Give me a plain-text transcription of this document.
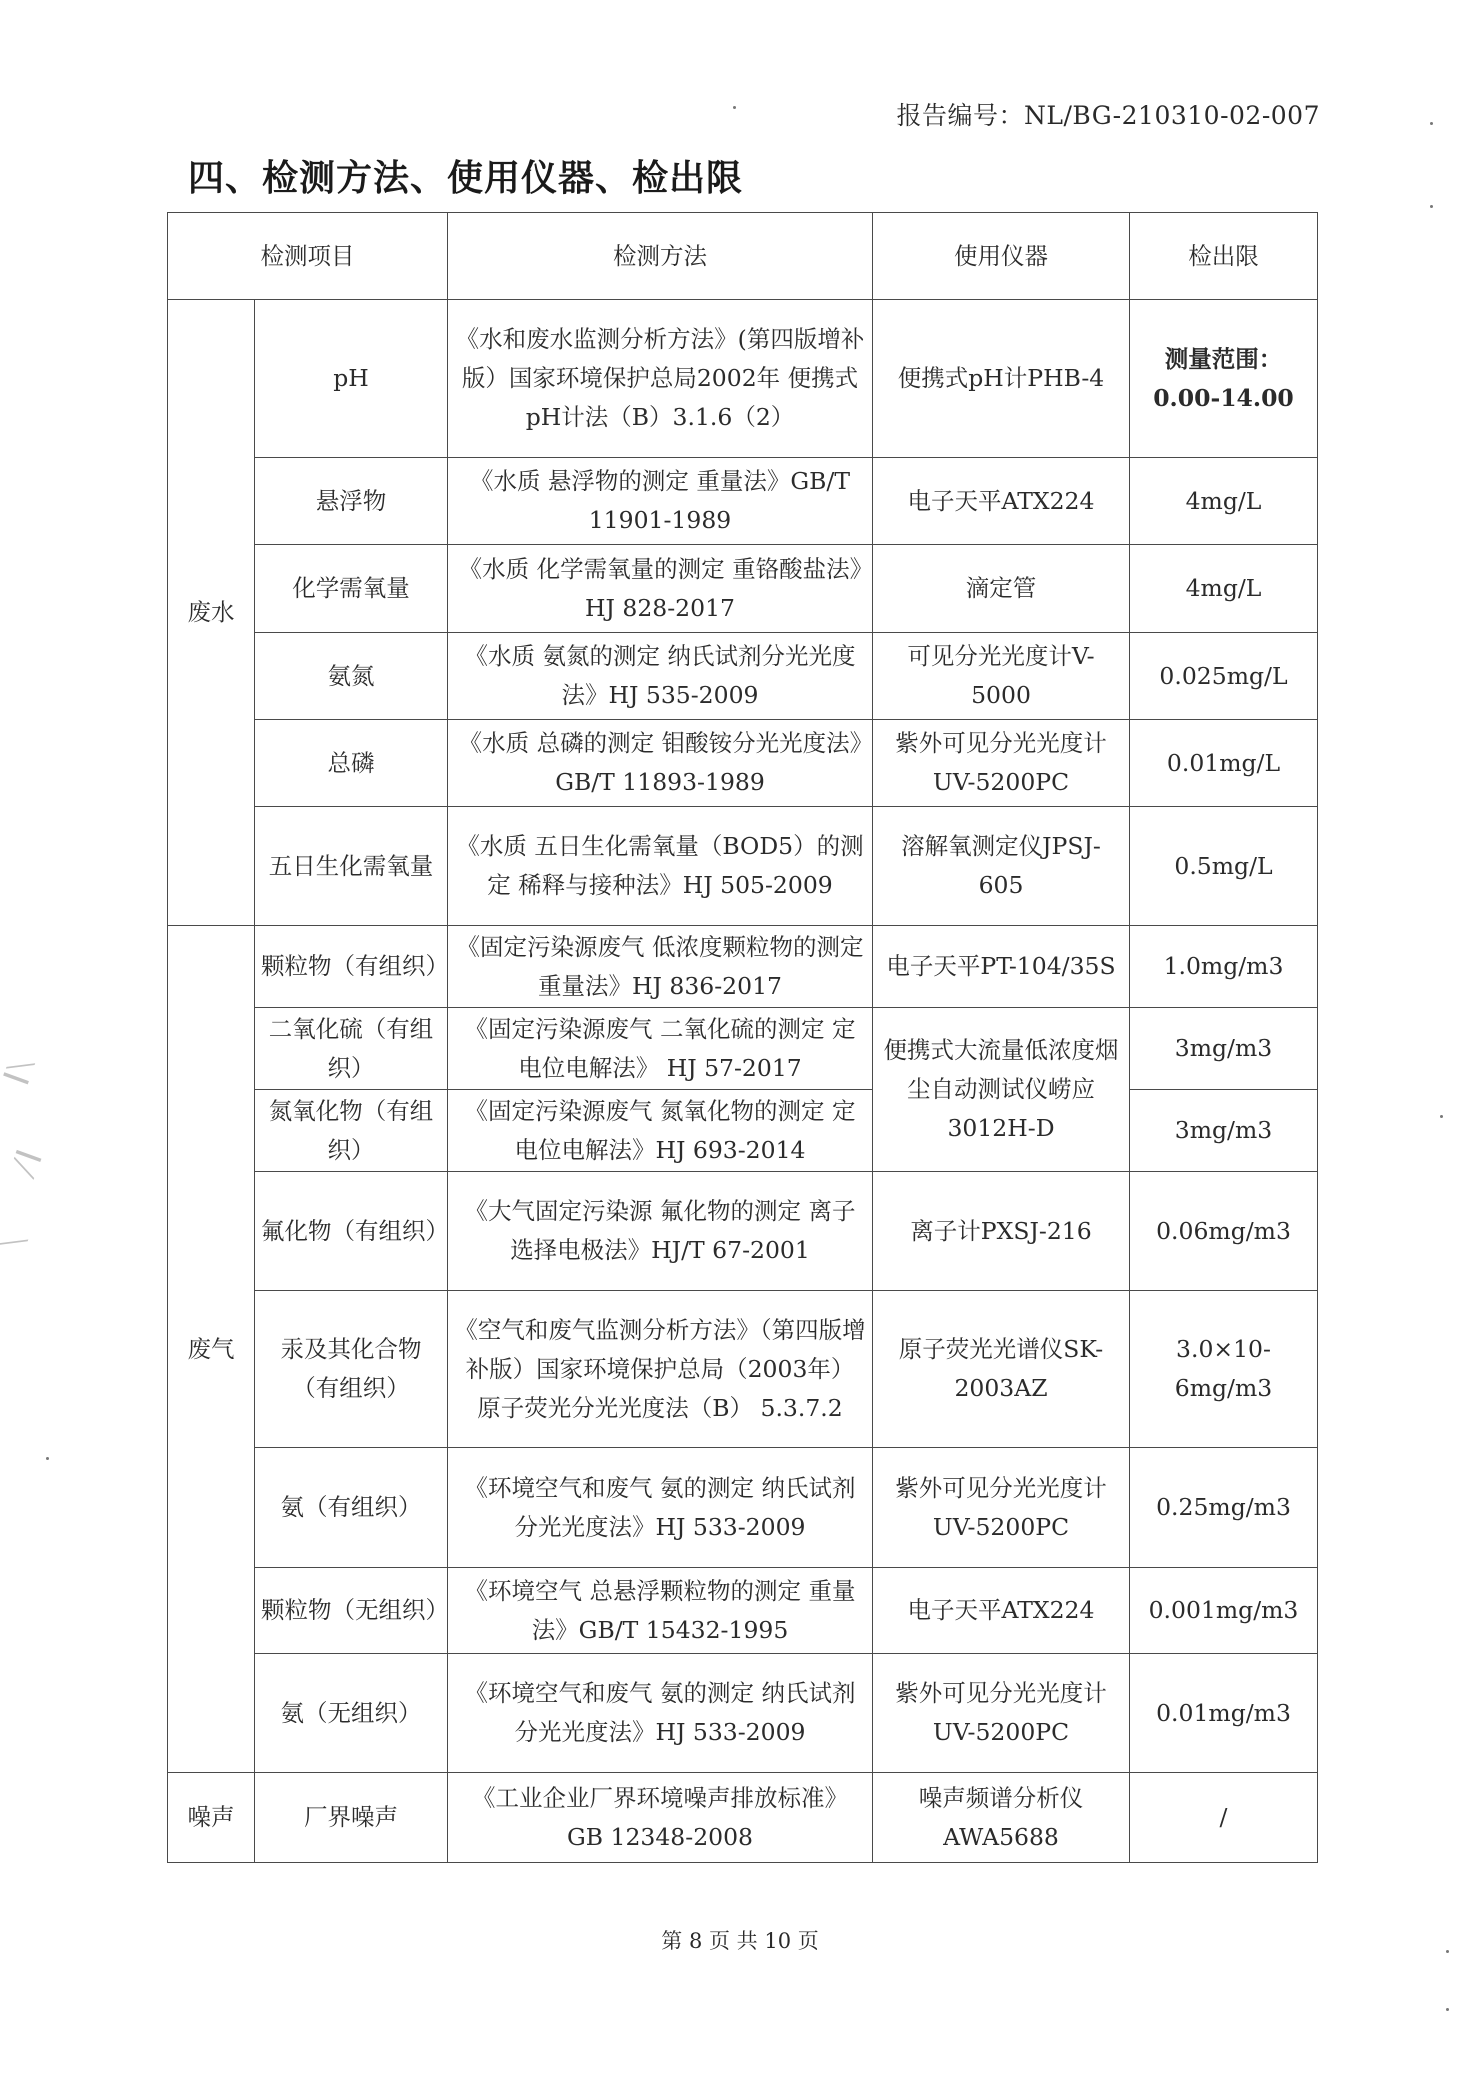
报告编号：NL/BG-210310-02-007
四、检测方法、使用仪器、检出限
检测项目		检测方法	使用仪器	检出限
废水	pH	《水和废水监测分析方法》(第四版增补版）国家环境保护总局2002年 便携式pH计法（B）3.1.6（2）	便携式pH计PHB-4	测量范围：0.00-14.00
	悬浮物	《水质 悬浮物的测定 重量法》GB/T 11901-1989	电子天平ATX224	4mg/L
	化学需氧量	《水质 化学需氧量的测定 重铬酸盐法》HJ 828-2017	滴定管	4mg/L
	氨氮	《水质 氨氮的测定 纳氏试剂分光光度法》HJ 535-2009	可见分光光度计V-5000	0.025mg/L
	总磷	《水质 总磷的测定 钼酸铵分光光度法》GB/T 11893-1989	紫外可见分光光度计 UV-5200PC	0.01mg/L
	五日生化需氧量	《水质 五日生化需氧量（BOD5）的测定 稀释与接种法》HJ 505-2009	溶解氧测定仪JPSJ-605	0.5mg/L
废气	颗粒物（有组织）	《固定污染源废气 低浓度颗粒物的测定 重量法》HJ 836-2017	电子天平PT-104/35S	1.0mg/m3
	二氧化硫（有组织）	《固定污染源废气 二氧化硫的测定 定电位电解法》 HJ 57-2017	便携式大流量低浓度烟尘自动测试仪崂应 3012H-D	3mg/m3
	氮氧化物（有组织）	《固定污染源废气 氮氧化物的测定 定电位电解法》HJ 693-2014		3mg/m3
	氟化物（有组织）	《大气固定污染源 氟化物的测定 离子选择电极法》HJ/T 67-2001	离子计PXSJ-216	0.06mg/m3
	汞及其化合物（有组织）	《空气和废气监测分析方法》（第四版增补版）国家环境保护总局（2003年） 原子荧光分光光度法（B） 5.3.7.2	原子荧光光谱仪SK-2003AZ	3.0×10-6mg/m3
	氨（有组织）	《环境空气和废气 氨的测定 纳氏试剂分光光度法》HJ 533-2009	紫外可见分光光度计 UV-5200PC	0.25mg/m3
	颗粒物（无组织）	《环境空气 总悬浮颗粒物的测定 重量法》GB/T 15432-1995	电子天平ATX224	0.001mg/m3
	氨（无组织）	《环境空气和废气 氨的测定 纳氏试剂分光光度法》HJ 533-2009	紫外可见分光光度计 UV-5200PC	0.01mg/m3
噪声	厂界噪声	《工业企业厂界环境噪声排放标准》GB 12348-2008	噪声频谱分析仪AWA5688	/
┃╲
╱┃
╲
第 8 页 共 10 页
